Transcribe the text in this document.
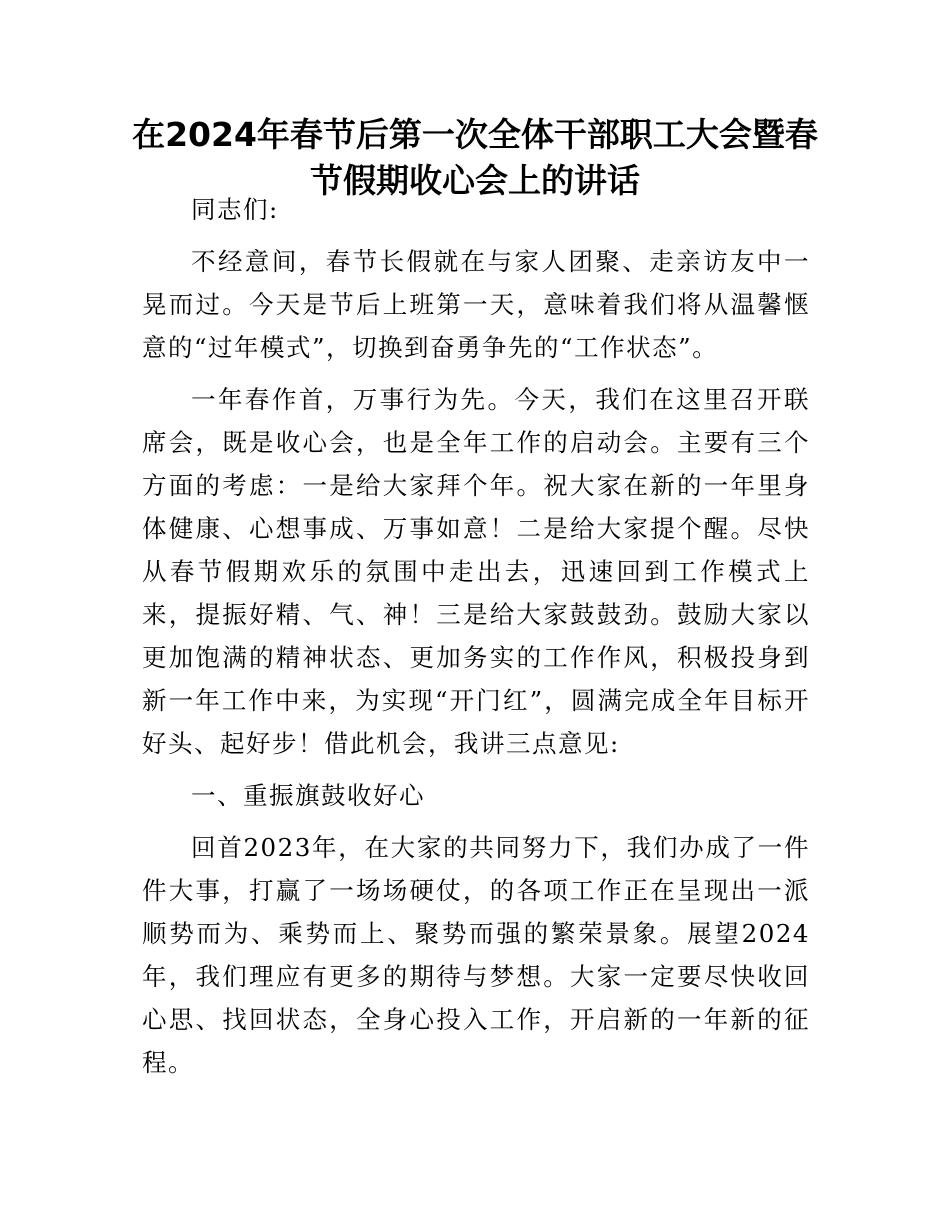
在2024年春节后第一次全体干部职工大会暨春节假期收心会上的讲话

同志们:

不经意间，春节长假就在与家人团聚、走亲访友中一晃而过。今天是节后上班第一天，意味着我们将从温馨惬意的“过年模式”，切换到奋勇争先的“工作状态”。

一年春作首，万事行为先。今天，我们在这里召开联席会，既是收心会，也是全年工作的启动会。主要有三个方面的考虑：一是给大家拜个年。祝大家在新的一年里身体健康、心想事成、万事如意！二是给大家提个醒。尽快从春节假期欢乐的氛围中走出去，迅速回到工作模式上来，提振好精、气、神！三是给大家鼓鼓劲。鼓励大家以更加饱满的精神状态、更加务实的工作作风，积极投身到新一年工作中来，为实现“开门红”，圆满完成全年目标开好头、起好步！借此机会，我讲三点意见:

一、重振旗鼓收好心

回首2023年，在大家的共同努力下，我们办成了一件件大事，打赢了一场场硬仗，的各项工作正在呈现出一派顺势而为、乘势而上、聚势而强的繁荣景象。展望2024年，我们理应有更多的期待与梦想。大家一定要尽快收回心思、找回状态，全身心投入工作，开启新的一年新的征程。
